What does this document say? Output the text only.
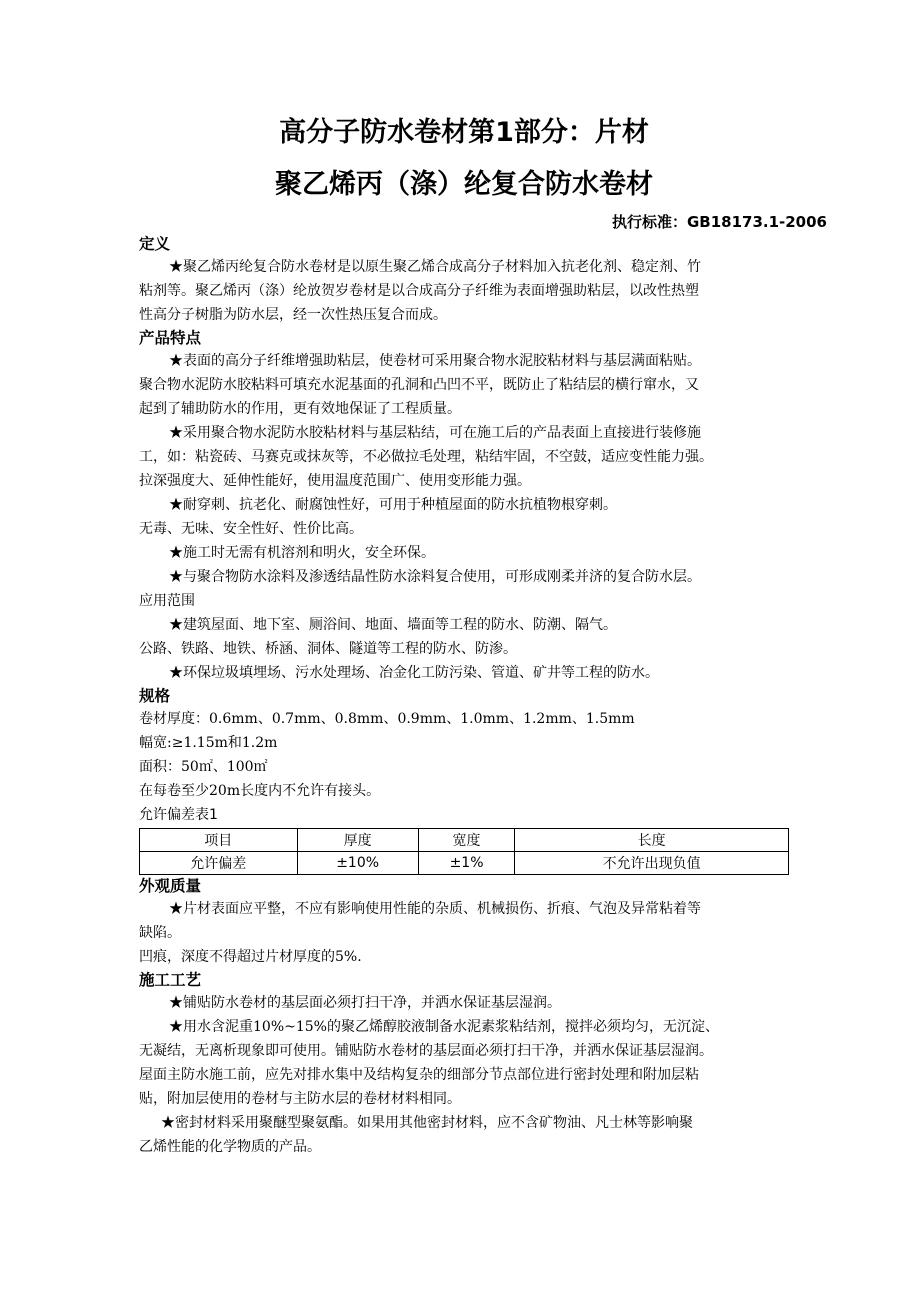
高分子防水卷材第1部分：片材
聚乙烯丙（涤）纶复合防水卷材
执行标准：GB18173.1-2006
定义
★聚乙烯丙纶复合防水卷材是以原生聚乙烯合成高分子材料加入抗老化剂、稳定剂、竹
粘剂等。聚乙烯丙（涤）纶放贺岁卷材是以合成高分子纤维为表面增强助粘层，以改性热塑
性高分子树脂为防水层，经一次性热压复合而成。
产品特点
★表面的高分子纤维增强助粘层，使卷材可采用聚合物水泥胶粘材料与基层满面粘贴。
聚合物水泥防水胶粘料可填充水泥基面的孔洞和凸凹不平，既防止了粘结层的横行窜水，又
起到了辅助防水的作用，更有效地保证了工程质量。
★采用聚合物水泥防水胶粘材料与基层粘结，可在施工后的产品表面上直接进行装修施
工，如：粘瓷砖、马赛克或抹灰等，不必做拉毛处理，粘结牢固，不空鼓，适应变性能力强。
拉深强度大、延伸性能好，使用温度范围广、使用变形能力强。
★耐穿刺、抗老化、耐腐蚀性好，可用于种植屋面的防水抗植物根穿刺。
无毒、无味、安全性好、性价比高。
★施工时无需有机溶剂和明火，安全环保。
★与聚合物防水涂料及渗透结晶性防水涂料复合使用，可形成刚柔并济的复合防水层。
应用范围
★建筑屋面、地下室、厕浴间、地面、墙面等工程的防水、防潮、隔气。
公路、铁路、地铁、桥涵、洞体、隧道等工程的防水、防渗。
★环保垃圾填埋场、污水处理场、冶金化工防污染、管道、矿井等工程的防水。
规格
卷材厚度：0.6mm、0.7mm、0.8mm、0.9mm、1.0mm、1.2mm、1.5mm
幅宽:≥1.15m和1.2m
面积：50㎡、100㎡
在每卷至少20m长度内不允许有接头。
允许偏差表1
项目	厚度	宽度	长度
允许偏差	±10%	±1%	不允许出现负值
外观质量
★片材表面应平整，不应有影响使用性能的杂质、机械损伤、折痕、气泡及异常粘着等
缺陷。
凹痕，深度不得超过片材厚度的5%.
施工工艺
★铺贴防水卷材的基层面必须打扫干净，并洒水保证基层湿润。
★用水含泥重10%~15%的聚乙烯醇胶液制备水泥素浆粘结剂，搅拌必须均匀，无沉淀、
无凝结，无离析现象即可使用。铺贴防水卷材的基层面必须打扫干净，并洒水保证基层湿润。
屋面主防水施工前，应先对排水集中及结构复杂的细部分节点部位进行密封处理和附加层粘
贴，附加层使用的卷材与主防水层的卷材材料相同。
★密封材料采用聚醚型聚氨酯。如果用其他密封材料，应不含矿物油、凡士林等影响聚
乙烯性能的化学物质的产品。
